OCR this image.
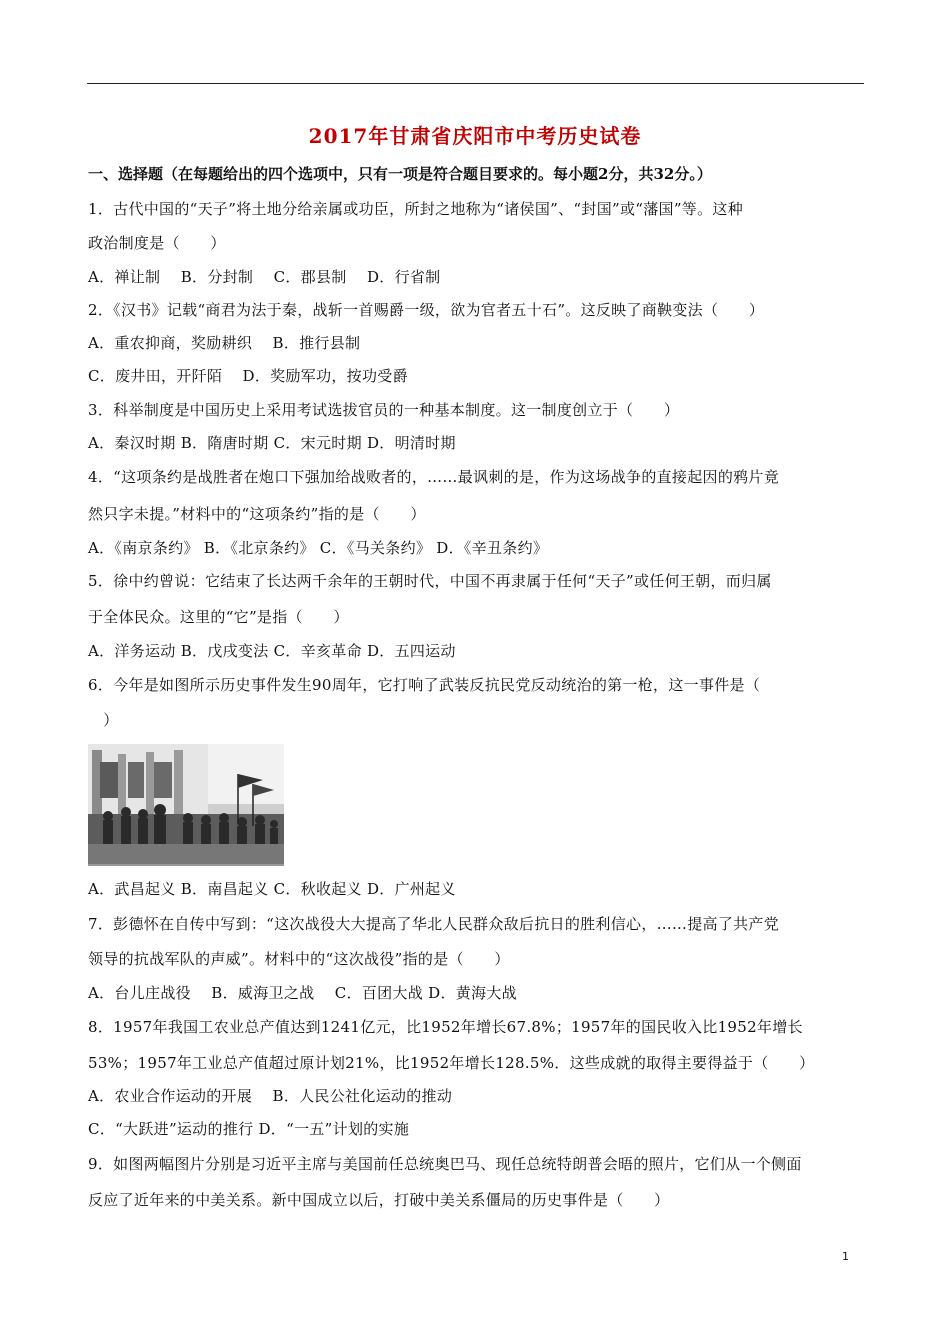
2017年甘肃省庆阳市中考历史试卷
一、选择题（在每题给出的四个选项中，只有一项是符合题目要求的。每小题2分，共32分。）
1．古代中国的“天子”将土地分给亲属或功臣，所封之地称为“诸侯国”、“封国”或“藩国”等。这种
政治制度是（　　）
A．禅让制　 B．分封制　 C．郡县制　 D．行省制
2．《汉书》记载“商君为法于秦，战斩一首赐爵一级，欲为官者五十石”。这反映了商鞅变法（　　）
A．重农抑商，奖励耕织　 B．推行县制
C．废井田，开阡陌　 D．奖励军功，按功受爵
3．科举制度是中国历史上采用考试选拔官员的一种基本制度。这一制度创立于（　　）
A．秦汉时期 B．隋唐时期 C．宋元时期 D．明清时期
4．“这项条约是战胜者在炮口下强加给战败者的，……最讽刺的是，作为这场战争的直接起因的鸦片竟
然只字未提。”材料中的“这项条约”指的是（　　）
A．《南京条约》 B．《北京条约》 C．《马关条约》 D．《辛丑条约》
5．徐中约曾说：它结束了长达两千余年的王朝时代，中国不再隶属于任何“天子”或任何王朝，而归属
于全体民众。这里的“它”是指（　　）
A．洋务运动 B．戊戌变法 C．辛亥革命 D．五四运动
6．今年是如图所示历史事件发生90周年，它打响了武装反抗民党反动统治的第一枪，这一事件是（
　）
A．武昌起义 B．南昌起义 C．秋收起义 D．广州起义
7．彭德怀在自传中写到：“这次战役大大提高了华北人民群众敌后抗日的胜利信心，……提高了共产党
领导的抗战军队的声威”。材料中的“这次战役”指的是（　　）
A．台儿庄战役　 B．威海卫之战　 C．百团大战 D．黄海大战
8．1957年我国工农业总产值达到1241亿元，比1952年增长67.8%；1957年的国民收入比1952年增长
53%；1957年工业总产值超过原计划21%，比1952年增长128.5%．这些成就的取得主要得益于（　　）
A．农业合作运动的开展　 B．人民公社化运动的推动
C．“大跃进”运动的推行 D．“一五”计划的实施
9．如图两幅图片分别是习近平主席与美国前任总统奥巴马、现任总统特朗普会晤的照片，它们从一个侧面
反应了近年来的中美关系。新中国成立以后，打破中美关系僵局的历史事件是（　　）
1
